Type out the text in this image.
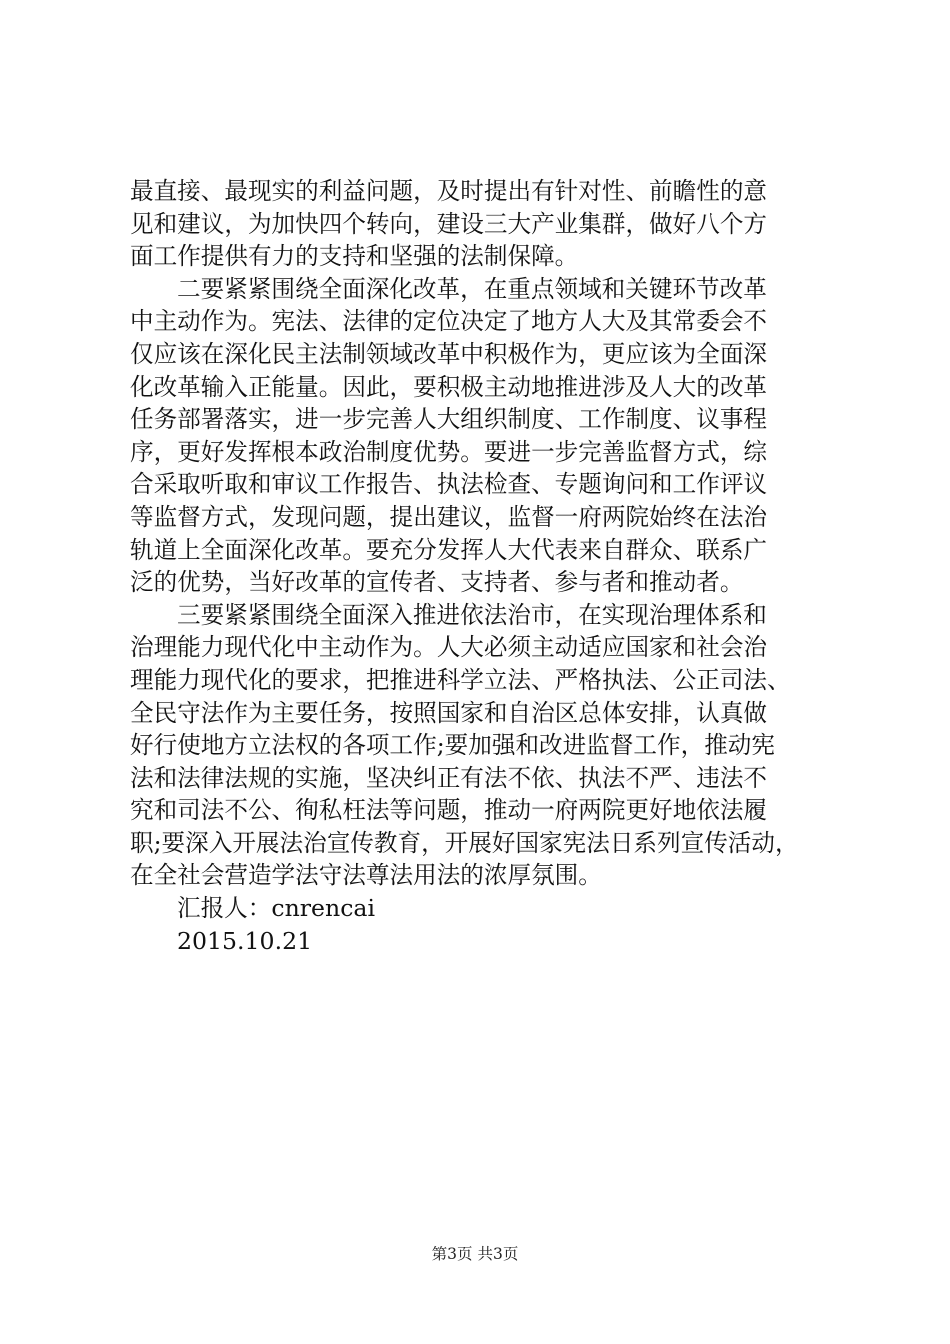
最直接、最现实的利益问题，及时提出有针对性、前瞻性的意
见和建议，为加快四个转向，建设三大产业集群，做好八个方
面工作提供有力的支持和坚强的法制保障。
二要紧紧围绕全面深化改革，在重点领域和关键环节改革
中主动作为。宪法、法律的定位决定了地方人大及其常委会不
仅应该在深化民主法制领域改革中积极作为，更应该为全面深
化改革输入正能量。因此，要积极主动地推进涉及人大的改革
任务部署落实，进一步完善人大组织制度、工作制度、议事程
序，更好发挥根本政治制度优势。要进一步完善监督方式，综
合采取听取和审议工作报告、执法检查、专题询问和工作评议
等监督方式，发现问题，提出建议，监督一府两院始终在法治
轨道上全面深化改革。要充分发挥人大代表来自群众、联系广
泛的优势，当好改革的宣传者、支持者、参与者和推动者。
三要紧紧围绕全面深入推进依法治市，在实现治理体系和
治理能力现代化中主动作为。人大必须主动适应国家和社会治
理能力现代化的要求，把推进科学立法、严格执法、公正司法、
全民守法作为主要任务，按照国家和自治区总体安排，认真做
好行使地方立法权的各项工作;要加强和改进监督工作，推动宪
法和法律法规的实施，坚决纠正有法不依、执法不严、违法不
究和司法不公、徇私枉法等问题，推动一府两院更好地依法履
职;要深入开展法治宣传教育，开展好国家宪法日系列宣传活动，
在全社会营造学法守法尊法用法的浓厚氛围。
汇报人：cnrencai
2015.10.21
第3页 共3页
